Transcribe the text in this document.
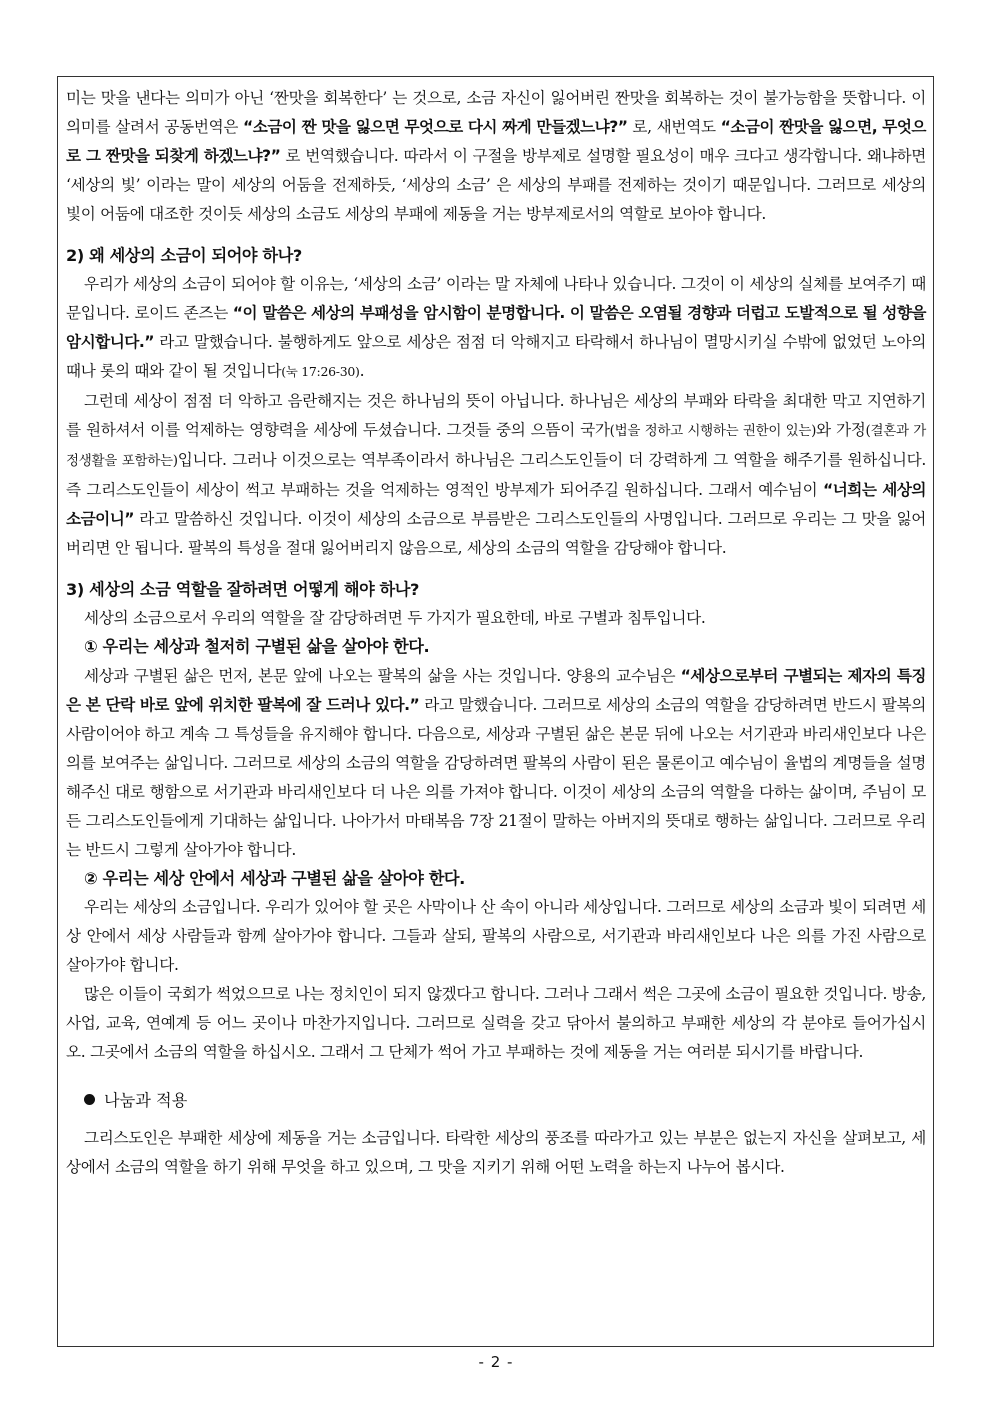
미는 맛을 낸다는 의미가 아닌 ‘짠맛을 회복한다’ 는 것으로, 소금 자신이 잃어버린 짠맛을 회복하는 것이 불가능함을 뜻합니다. 이 의미를 살려서 공동번역은 “소금이 짠 맛을 잃으면 무엇으로 다시 짜게 만들겠느냐?” 로, 새번역도 “소금이 짠맛을 잃으면, 무엇으로 그 짠맛을 되찾게 하겠느냐?” 로 번역했습니다. 따라서 이 구절을 방부제로 설명할 필요성이 매우 크다고 생각합니다. 왜냐하면 ‘세상의 빛’ 이라는 말이 세상의 어둠을 전제하듯, ‘세상의 소금’ 은 세상의 부패를 전제하는 것이기 때문입니다. 그러므로 세상의 빛이 어둠에 대조한 것이듯 세상의 소금도 세상의 부패에 제동을 거는 방부제로서의 역할로 보아야 합니다.

2) 왜 세상의 소금이 되어야 하나?

우리가 세상의 소금이 되어야 할 이유는, ‘세상의 소금’ 이라는 말 자체에 나타나 있습니다. 그것이 이 세상의 실체를 보여주기 때문입니다. 로이드 존즈는 “이 말씀은 세상의 부패성을 암시함이 분명합니다. 이 말씀은 오염될 경향과 더럽고 도발적으로 될 성향을 암시합니다.” 라고 말했습니다. 불행하게도 앞으로 세상은 점점 더 악해지고 타락해서 하나님이 멸망시키실 수밖에 없었던 노아의 때나 롯의 때와 같이 될 것입니다(눅 17:26-30).

그런데 세상이 점점 더 악하고 음란해지는 것은 하나님의 뜻이 아닙니다. 하나님은 세상의 부패와 타락을 최대한 막고 지연하기를 원하셔서 이를 억제하는 영향력을 세상에 두셨습니다. 그것들 중의 으뜸이 국가(법을 정하고 시행하는 권한이 있는)와 가정(결혼과 가정생활을 포함하는)입니다. 그러나 이것으로는 역부족이라서 하나님은 그리스도인들이 더 강력하게 그 역할을 해주기를 원하십니다. 즉 그리스도인들이 세상이 썩고 부패하는 것을 억제하는 영적인 방부제가 되어주길 원하십니다. 그래서 예수님이 “너희는 세상의 소금이니” 라고 말씀하신 것입니다. 이것이 세상의 소금으로 부름받은 그리스도인들의 사명입니다. 그러므로 우리는 그 맛을 잃어버리면 안 됩니다. 팔복의 특성을 절대 잃어버리지 않음으로, 세상의 소금의 역할을 감당해야 합니다.

3) 세상의 소금 역할을 잘하려면 어떻게 해야 하나?

세상의 소금으로서 우리의 역할을 잘 감당하려면 두 가지가 필요한데, 바로 구별과 침투입니다.

① 우리는 세상과 철저히 구별된 삶을 살아야 한다.

세상과 구별된 삶은 먼저, 본문 앞에 나오는 팔복의 삶을 사는 것입니다. 양용의 교수님은 “세상으로부터 구별되는 제자의 특징은 본 단락 바로 앞에 위치한 팔복에 잘 드러나 있다.” 라고 말했습니다. 그러므로 세상의 소금의 역할을 감당하려면 반드시 팔복의 사람이어야 하고 계속 그 특성들을 유지해야 합니다. 다음으로, 세상과 구별된 삶은 본문 뒤에 나오는 서기관과 바리새인보다 나은 의를 보여주는 삶입니다. 그러므로 세상의 소금의 역할을 감당하려면 팔복의 사람이 된은 물론이고 예수님이 율법의 계명들을 설명해주신 대로 행함으로 서기관과 바리새인보다 더 나은 의를 가져야 합니다. 이것이 세상의 소금의 역할을 다하는 삶이며, 주님이 모든 그리스도인들에게 기대하는 삶입니다. 나아가서 마태복음 7장 21절이 말하는 아버지의 뜻대로 행하는 삶입니다. 그러므로 우리는 반드시 그렇게 살아가야 합니다.

② 우리는 세상 안에서 세상과 구별된 삶을 살아야 한다.

우리는 세상의 소금입니다. 우리가 있어야 할 곳은 사막이나 산 속이 아니라 세상입니다. 그러므로 세상의 소금과 빛이 되려면 세상 안에서 세상 사람들과 함께 살아가야 합니다. 그들과 살되, 팔복의 사람으로, 서기관과 바리새인보다 나은 의를 가진 사람으로 살아가야 합니다.

많은 이들이 국회가 썩었으므로 나는 정치인이 되지 않겠다고 합니다. 그러나 그래서 썩은 그곳에 소금이 필요한 것입니다. 방송, 사업, 교육, 연예계 등 어느 곳이나 마찬가지입니다. 그러므로 실력을 갖고 닦아서 불의하고 부패한 세상의 각 분야로 들어가십시오. 그곳에서 소금의 역할을 하십시오. 그래서 그 단체가 썩어 가고 부패하는 것에 제동을 거는 여러분 되시기를 바랍니다.

나눔과 적용

그리스도인은 부패한 세상에 제동을 거는 소금입니다. 타락한 세상의 풍조를 따라가고 있는 부분은 없는지 자신을 살펴보고, 세상에서 소금의 역할을 하기 위해 무엇을 하고 있으며, 그 맛을 지키기 위해 어떤 노력을 하는지 나누어 봅시다.

- 2 -
